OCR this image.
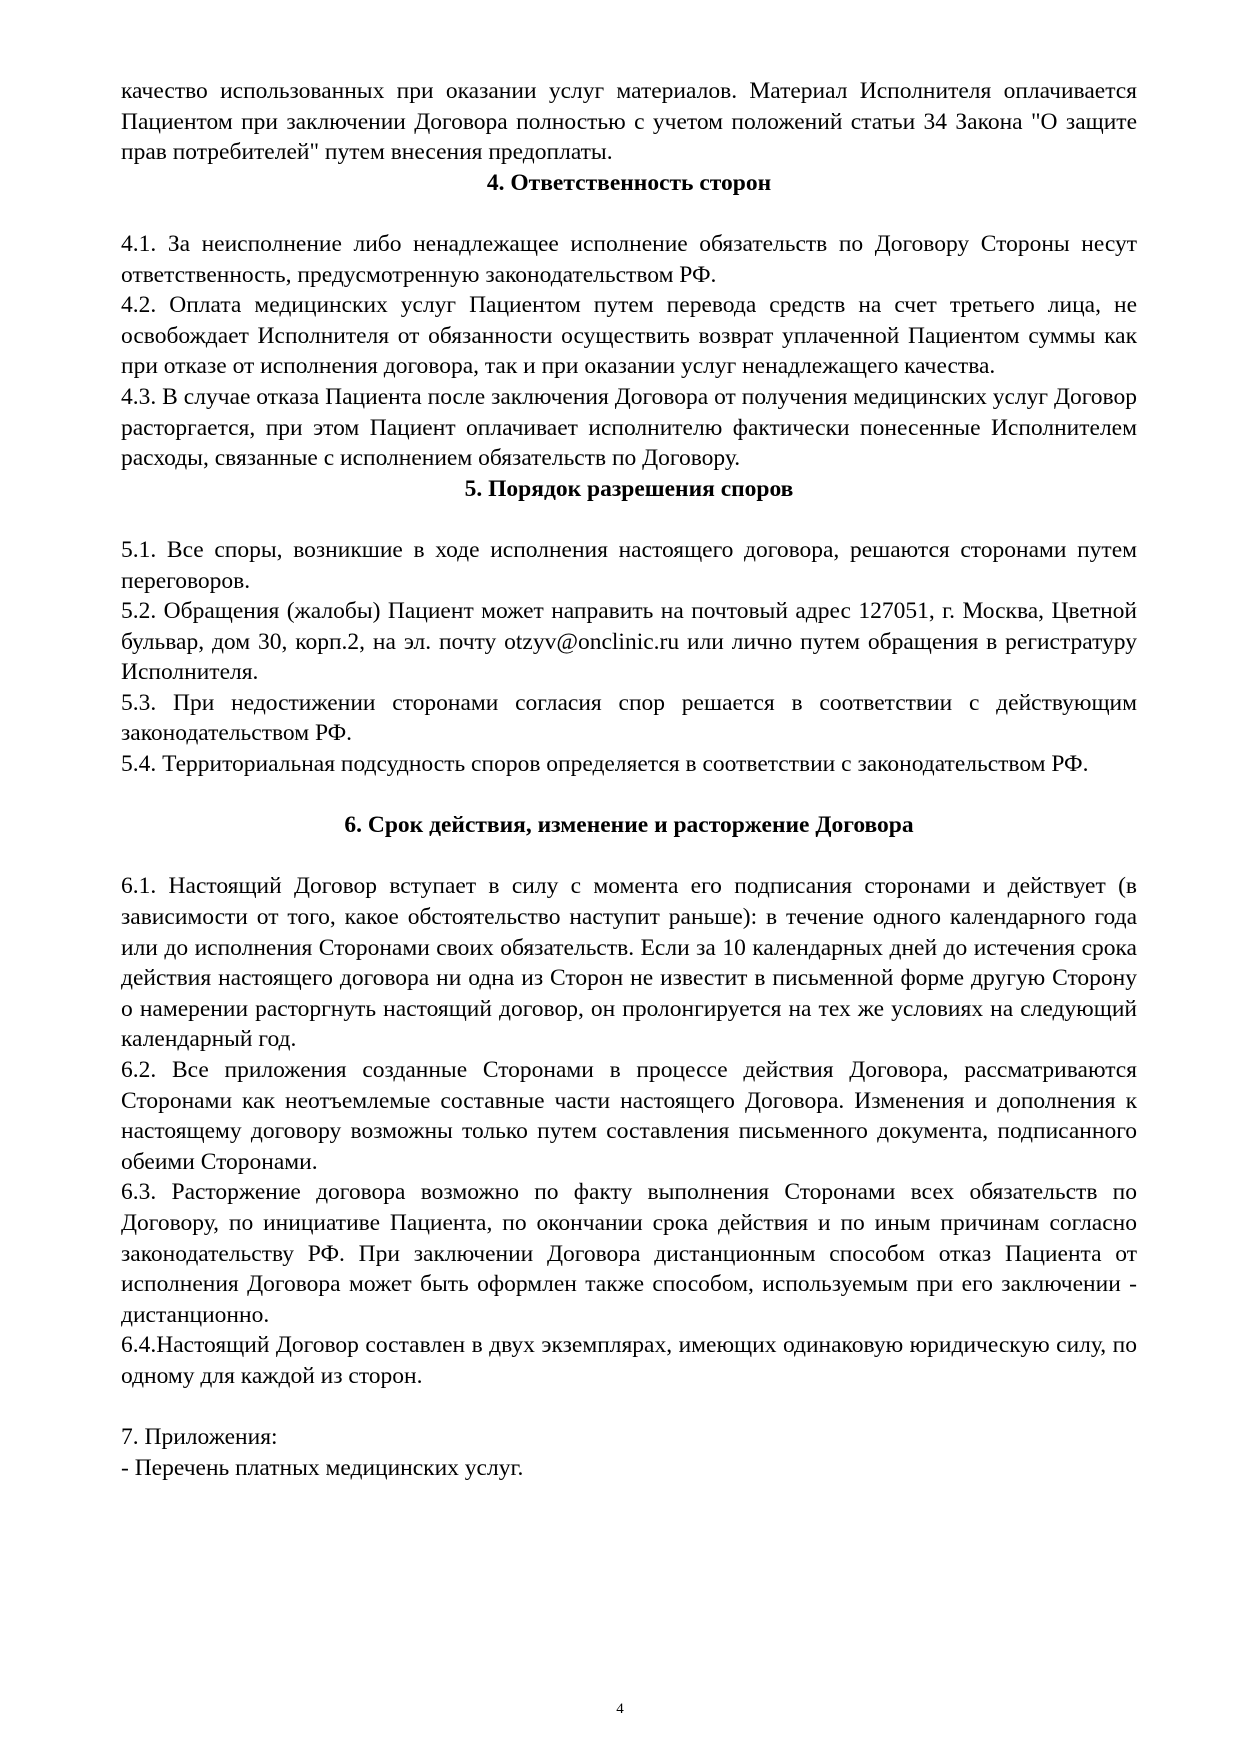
качество использованных при оказании услуг материалов. Материал Исполнителя оплачивается Пациентом при заключении Договора полностью с учетом положений статьи 34 Закона "О защите прав потребителей" путем внесения предоплаты.

4. Ответственность сторон

4.1. За неисполнение либо ненадлежащее исполнение обязательств по Договору Стороны несут ответственность, предусмотренную законодательством РФ.

4.2. Оплата медицинских услуг Пациентом путем перевода средств на счет третьего лица, не освобождает Исполнителя от обязанности осуществить возврат уплаченной Пациентом суммы как при отказе от исполнения договора, так и при оказании услуг ненадлежащего качества.

4.3. В случае отказа Пациента после заключения Договора от получения медицинских услуг Договор расторгается, при этом Пациент оплачивает исполнителю фактически понесенные Исполнителем расходы, связанные с исполнением обязательств по Договору.

5. Порядок разрешения споров

5.1. Все споры, возникшие в ходе исполнения настоящего договора, решаются сторонами путем переговоров.

5.2. Обращения (жалобы) Пациент может направить на почтовый адрес 127051, г. Москва, Цветной бульвар, дом 30, корп.2, на эл. почту otzyv@onclinic.ru или лично путем обращения в регистратуру Исполнителя.

5.3. При недостижении сторонами согласия спор решается в соответствии с действующим законодательством РФ.

5.4. Территориальная подсудность споров определяется в соответствии с законодательством РФ.

6. Срок действия, изменение и расторжение Договора

6.1. Настоящий Договор вступает в силу с момента его подписания сторонами и действует (в зависимости от того, какое обстоятельство наступит раньше): в течение одного календарного года или до исполнения Сторонами своих обязательств. Если за 10 календарных дней до истечения срока действия настоящего договора ни одна из Сторон не известит в письменной форме другую Сторону о намерении расторгнуть настоящий договор, он пролонгируется на тех же условиях на следующий календарный год.

6.2. Все приложения созданные Сторонами в процессе действия Договора, рассматриваются Сторонами как неотъемлемые составные части настоящего Договора. Изменения и дополнения к настоящему договору возможны только путем составления письменного документа, подписанного обеими Сторонами.

6.3. Расторжение договора возможно по факту выполнения Сторонами всех обязательств по Договору, по инициативе Пациента, по окончании срока действия и по иным причинам согласно законодательству РФ. При заключении Договора дистанционным способом отказ Пациента от исполнения Договора может быть оформлен также способом, используемым при его заключении - дистанционно.

6.4.Настоящий Договор составлен в двух экземплярах, имеющих одинаковую юридическую силу, по одному для каждой из сторон.

7. Приложения:

- Перечень платных медицинских услуг.

4
